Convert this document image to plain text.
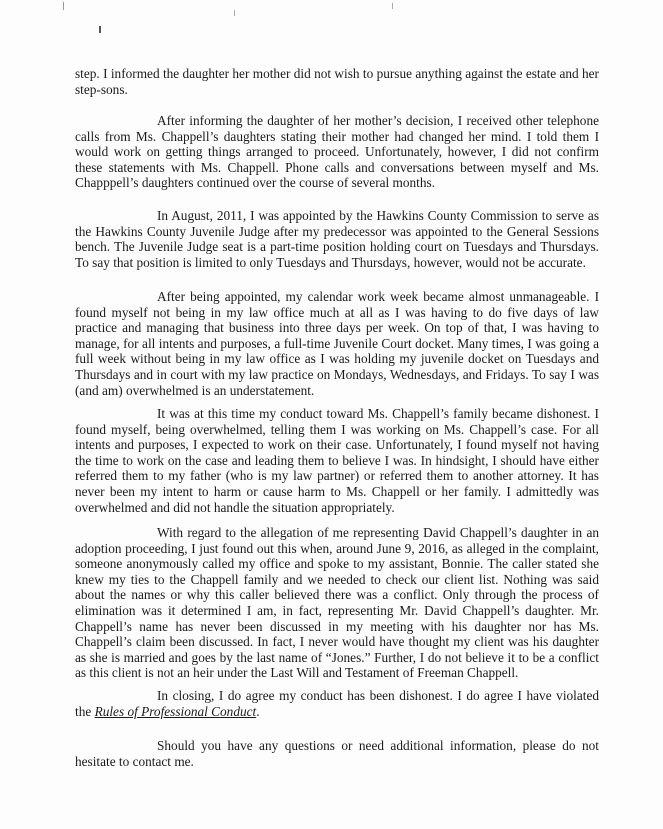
step. I informed the daughter her mother did not wish to pursue anything against the estate and her step-sons.

After informing the daughter of her mother’s decision, I received other telephone calls from Ms. Chappell’s daughters stating their mother had changed her mind. I told them I would work on getting things arranged to proceed. Unfortunately, however, I did not confirm these statements with Ms. Chappell. Phone calls and conversations between myself and Ms. Chapppell’s daughters continued over the course of several months.

In August, 2011, I was appointed by the Hawkins County Commission to serve as the Hawkins County Juvenile Judge after my predecessor was appointed to the General Sessions bench. The Juvenile Judge seat is a part-time position holding court on Tuesdays and Thursdays. To say that position is limited to only Tuesdays and Thursdays, however, would not be accurate.

After being appointed, my calendar work week became almost unmanageable. I found myself not being in my law office much at all as I was having to do five days of law practice and managing that business into three days per week. On top of that, I was having to manage, for all intents and purposes, a full-time Juvenile Court docket. Many times, I was going a full week without being in my law office as I was holding my juvenile docket on Tuesdays and Thursdays and in court with my law practice on Mondays, Wednesdays, and Fridays. To say I was (and am) overwhelmed is an understatement.

It was at this time my conduct toward Ms. Chappell’s family became dishonest. I found myself, being overwhelmed, telling them I was working on Ms. Chappell’s case. For all intents and purposes, I expected to work on their case. Unfortunately, I found myself not having the time to work on the case and leading them to believe I was. In hindsight, I should have either referred them to my father (who is my law partner) or referred them to another attorney. It has never been my intent to harm or cause harm to Ms. Chappell or her family. I admittedly was overwhelmed and did not handle the situation appropriately.

With regard to the allegation of me representing David Chappell’s daughter in an adoption proceeding, I just found out this when, around June 9, 2016, as alleged in the complaint, someone anonymously called my office and spoke to my assistant, Bonnie. The caller stated she knew my ties to the Chappell family and we needed to check our client list. Nothing was said about the names or why this caller believed there was a conflict. Only through the process of elimination was it determined I am, in fact, representing Mr. David Chappell’s daughter. Mr. Chappell’s name has never been discussed in my meeting with his daughter nor has Ms. Chappell’s claim been discussed. In fact, I never would have thought my client was his daughter as she is married and goes by the last name of “Jones.” Further, I do not believe it to be a conflict as this client is not an heir under the Last Will and Testament of Freeman Chappell.

In closing, I do agree my conduct has been dishonest. I do agree I have violated the Rules of Professional Conduct.

Should you have any questions or need additional information, please do not hesitate to contact me.
